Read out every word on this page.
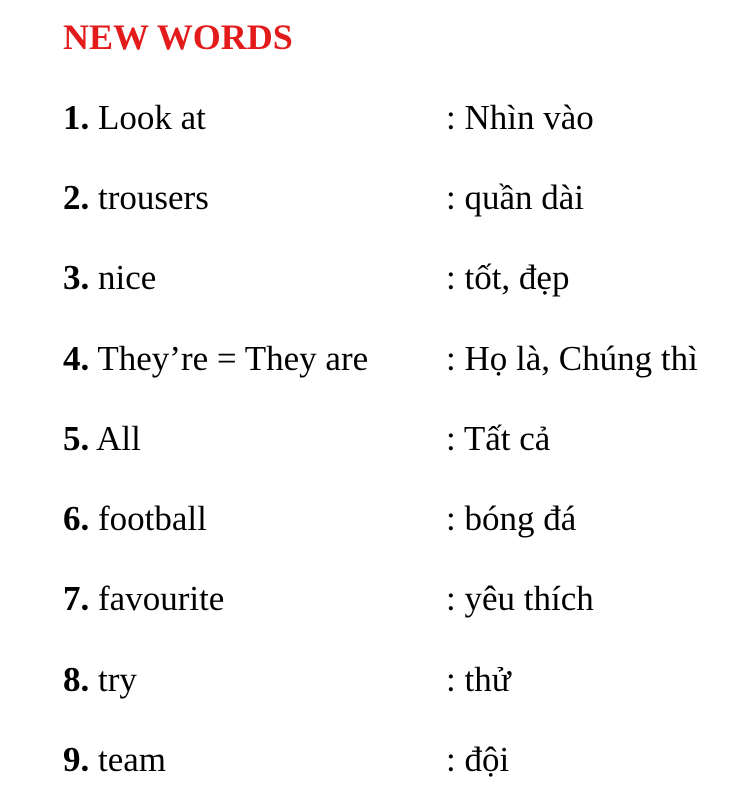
NEW WORDS
1. Look at	: Nhìn vào
2. trousers	: quần dài
3. nice	: tốt, đẹp
4. They’re = They are : Họ là, Chúng thì
5. All	: Tất cả
6. football	: bóng đá
7. favourite	: yêu thích
8. try	: thử
9. team	: đội
